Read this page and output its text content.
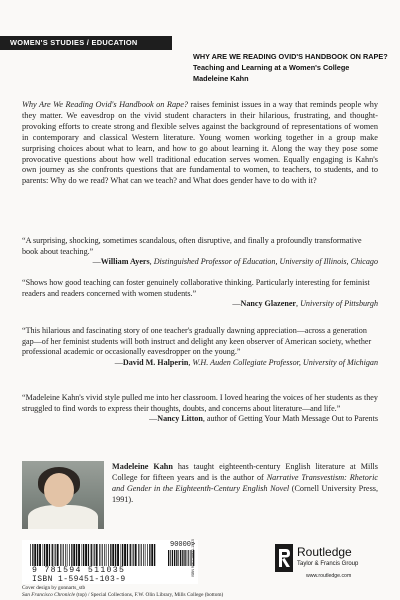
WOMEN'S STUDIES / EDUCATION
WHY ARE WE READING OVID'S HANDBOOK ON RAPE?
Teaching and Learning at a Women's College
Madeleine Kahn
Why Are We Reading Ovid's Handbook on Rape? raises feminist issues in a way that reminds people why they matter. We eavesdrop on the vivid student characters in their hilarious, frustrating, and thought-provoking efforts to create strong and flexible selves against the background of representations of women in contemporary and classical Western literature. Young women working together in a group make surprising choices about what to learn, and how to go about learning it. Along the way they pose some provocative questions about how well traditional education serves women. Equally engaging is Kahn's own journey as she confronts questions that are fundamental to women, to teachers, to students, and to parents: Why do we read? What can we teach? and What does gender have to do with it?
“A surprising, shocking, sometimes scandalous, often disruptive, and finally a profoundly transformative book about teaching.”
—William Ayers, Distinguished Professor of Education, University of Illinois, Chicago
“Shows how good teaching can foster genuinely collaborative thinking. Particularly interesting for feminist readers and readers concerned with women students.”
—Nancy Glazener, University of Pittsburgh
“This hilarious and fascinating story of one teacher's gradually dawning appreciation—across a generation gap—of her feminist students will both instruct and delight any keen observer of American society, whether professional academic or occasionally eavesdropper on the young.”
—David M. Halperin, W.H. Auden Collegiate Professor, University of Michigan
“Madeleine Kahn's vivid style pulled me into her classroom. I loved hearing the voices of her students as they struggled to find words to express their thoughts, doubts, and concerns about literature—and life.”
—Nancy Litton, author of Getting Your Math Message Out to Parents
Madeleine Kahn has taught eighteenth-century English literature at Mills College for fifteen years and is the author of Narrative Transvestism: Rhetoric and Gender in the Eighteenth-Century English Novel (Cornell University Press, 1991).
9 781594 511035
ISBN 1-59451-103-9
90000>
ISBN 978-1-59451-103-5	Routledge
Taylor & Francis Group
www.routledge.com
Cover design by gonnarts_stb
San Francisco Chronicle (top) / Special Collections, F.W. Olin Library, Mills College (bottom)
